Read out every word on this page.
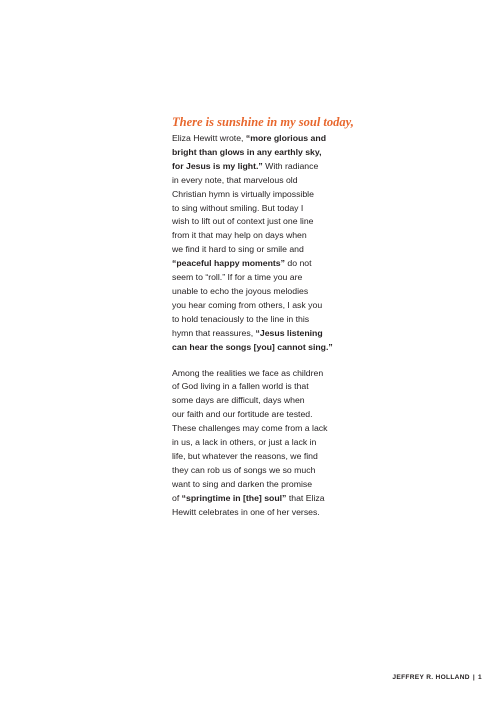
There is sunshine in my soul today,

Eliza Hewitt wrote, “more glorious and
bright than glows in any earthly sky,
for Jesus is my light.” With radiance
in every note, that marvelous old
Christian hymn is virtually impossible
to sing without smiling. But today I
wish to lift out of context just one line
from it that may help on days when
we find it hard to sing or smile and
“peaceful happy moments” do not
seem to “roll.” If for a time you are
unable to echo the joyous melodies
you hear coming from others, I ask you
to hold tenaciously to the line in this
hymn that reassures, “Jesus listening
can hear the songs [you] cannot sing.”

Among the realities we face as children
of God living in a fallen world is that
some days are difficult, days when
our faith and our fortitude are tested.
These challenges may come from a lack
in us, a lack in others, or just a lack in
life, but whatever the reasons, we find
they can rob us of songs we so much
want to sing and darken the promise
of “springtime in [the] soul” that Eliza
Hewitt celebrates in one of her verses.

JEFFREY R. HOLLAND | 1
